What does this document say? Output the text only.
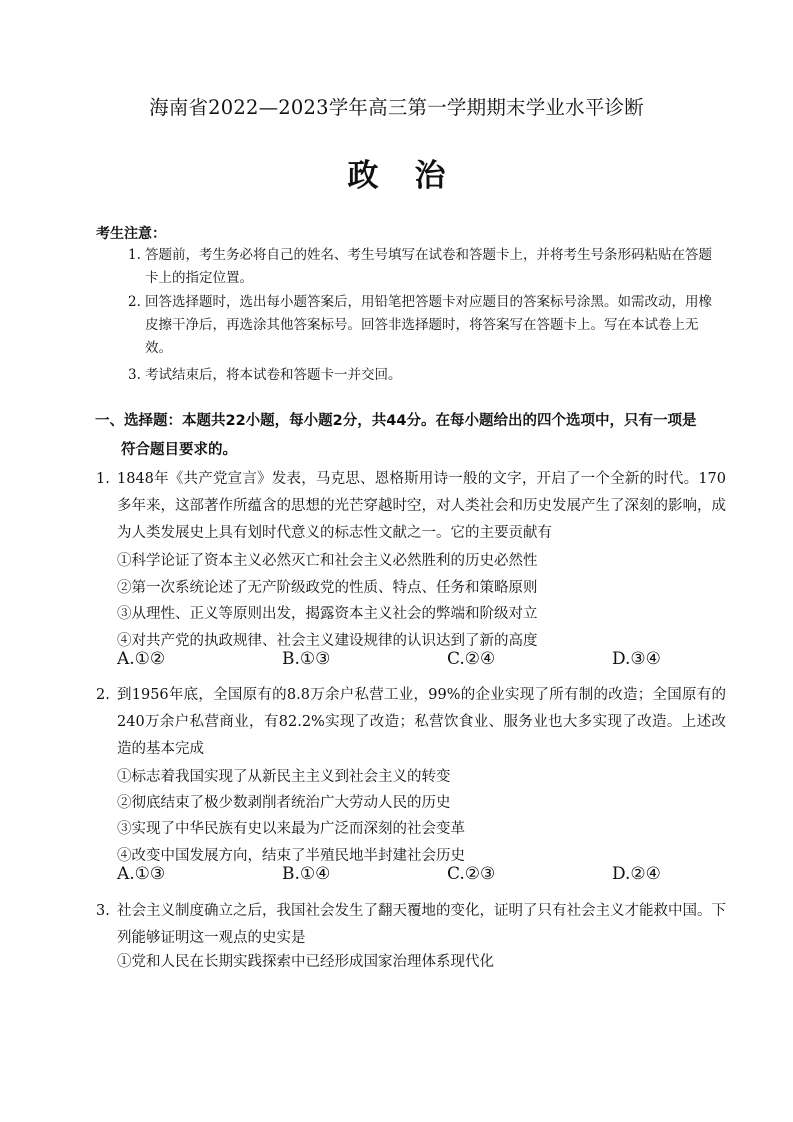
海南省2022—2023学年高三第一学期期末学业水平诊断
政 治
考生注意：
1. 答题前，考生务必将自己的姓名、考生号填写在试卷和答题卡上，并将考生号条形码粘贴在答题卡上的指定位置。
2. 回答选择题时，选出每小题答案后，用铅笔把答题卡对应题目的答案标号涂黑。如需改动，用橡皮擦干净后，再选涂其他答案标号。回答非选择题时，将答案写在答题卡上。写在本试卷上无效。
3. 考试结束后，将本试卷和答题卡一并交回。
一、选择题：本题共22小题，每小题2分，共44分。在每小题给出的四个选项中，只有一项是
符合题目要求的。
1. 1848年《共产党宣言》发表，马克思、恩格斯用诗一般的文字，开启了一个全新的时代。170多年来，这部著作所蕴含的思想的光芒穿越时空，对人类社会和历史发展产生了深刻的影响，成为人类发展史上具有划时代意义的标志性文献之一。它的主要贡献有
①科学论证了资本主义必然灭亡和社会主义必然胜利的历史必然性
②第一次系统论述了无产阶级政党的性质、特点、任务和策略原则
③从理性、正义等原则出发，揭露资本主义社会的弊端和阶级对立
④对共产党的执政规律、社会主义建设规律的认识达到了新的高度
A.①②	B.①③	C.②④	D.③④
2. 到1956年底，全国原有的8.8万余户私营工业，99%的企业实现了所有制的改造；全国原有的240万余户私营商业，有82.2%实现了改造；私营饮食业、服务业也大多实现了改造。上述改造的基本完成
①标志着我国实现了从新民主主义到社会主义的转变
②彻底结束了极少数剥削者统治广大劳动人民的历史
③实现了中华民族有史以来最为广泛而深刻的社会变革
④改变中国发展方向，结束了半殖民地半封建社会历史
A.①③	B.①④	C.②③	D.②④
3. 社会主义制度确立之后，我国社会发生了翻天覆地的变化，证明了只有社会主义才能救中国。下列能够证明这一观点的史实是
①党和人民在长期实践探索中已经形成国家治理体系现代化
